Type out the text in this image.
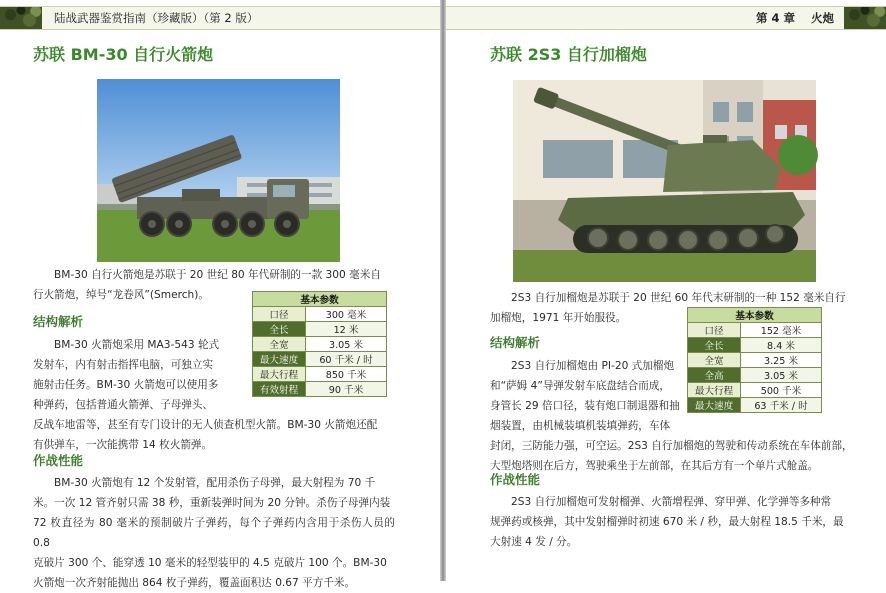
陆战武器鉴赏指南（珍藏版）（第 2 版）
苏联 BM-30 自行火箭炮

BM-30 自行火箭炮是苏联于 20 世纪 80 年代研制的一款 300 毫米自
行火箭炮，绰号“龙卷风”(Smerch)。	基本参数	
口径	300 毫米
全长	12 米
全宽	3.05 米
最大速度	60 千米 / 时
最大行程	850 千米
有效射程	90 千米
结构解析

BM-30 火箭炮采用 MA3-543 轮式
发射车，内有射击指挥电脑，可独立实
施射击任务。BM-30 火箭炮可以使用多
种弹药，包括普通火箭弹、子母弹头、
反战车地雷等，甚至有专门设计的无人侦查机型火箭。BM-30 火箭炮还配
有供弹车，一次能携带 14 枚火箭弹。

作战性能

BM-30 火箭炮有 12 个发射管，配用杀伤子母弹，最大射程为 70 千
米。一次 12 管齐射只需 38 秒，重新装弹时间为 20 分钟。杀伤子母弹内装
72 枚直径为 80 毫米的预制破片子弹药，每个子弹药内含用于杀伤人员的 0.8
克破片 300 个、能穿透 10 毫米的轻型装甲的 4.5 克破片 100 个。BM-30
火箭炮一次齐射能抛出 864 枚子弹药，覆盖面积达 0.67 平方千米。

第 4 章 火炮
苏联 2S3 自行加榴炮

2S3 自行加榴炮是苏联于 20 世纪 60 年代末研制的一种 152 毫米自行
加榴炮，1971 年开始服役。	基本参数	
口径	152 毫米
全长	8.4 米
全宽	3.25 米
全高	3.05 米
最大行程	500 千米
最大速度	63 千米 / 时
结构解析

2S3 自行加榴炮由 PI-20 式加榴炮
和“萨姆 4”导弹发射车底盘结合而成，
身管长 29 倍口径，装有炮口制退器和抽
烟装置，由机械装填机装填弹药，车体
封闭，三防能力强，可空运。2S3 自行加榴炮的驾驶和传动系统在车体前部，
大型炮塔则在后方，驾驶乘坐于左前部，在其后方有一个单片式舱盖。

作战性能

2S3 自行加榴炮可发射榴弹、火箭增程弹、穿甲弹、化学弹等多种常
规弹药或核弹，其中发射榴弹时初速 670 米 / 秒，最大射程 18.5 千米，最
大射速 4 发 / 分。
